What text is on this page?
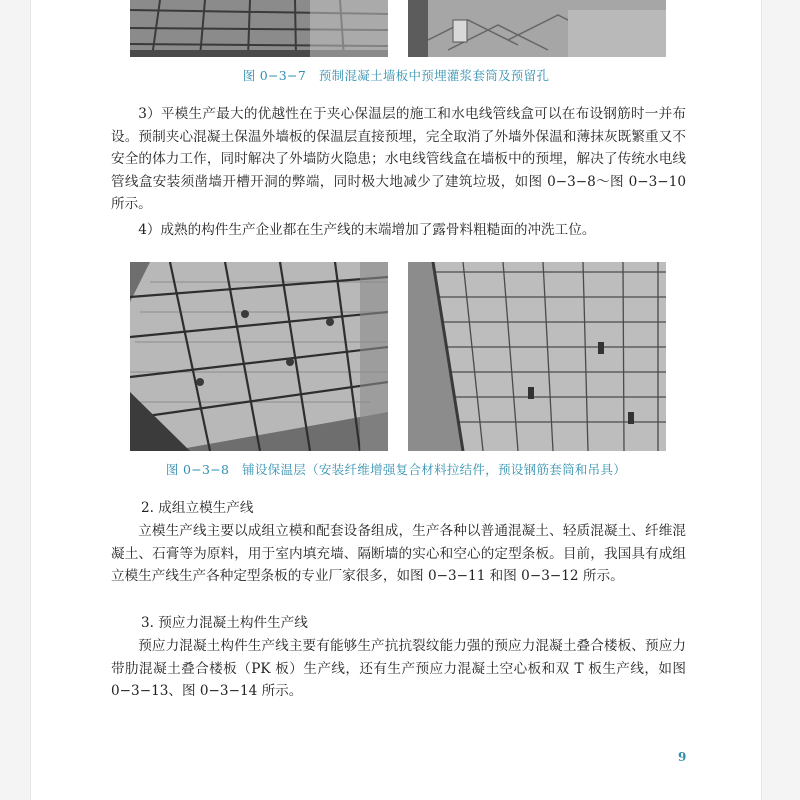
图 0−3−7　预制混凝土墙板中预埋灌浆套筒及预留孔

3）平模生产最大的优越性在于夹心保温层的施工和水电线管线盒可以在布设钢筋时一并布设。预制夹心混凝土保温外墙板的保温层直接预埋，完全取消了外墙外保温和薄抹灰既繁重又不安全的体力工作，同时解决了外墙防火隐患；水电线管线盒在墙板中的预埋，解决了传统水电线管线盒安装须凿墙开槽开洞的弊端，同时极大地减少了建筑垃圾，如图 0−3−8～图 0−3−10 所示。

4）成熟的构件生产企业都在生产线的末端增加了露骨料粗糙面的冲洗工位。

图 0−3−8　铺设保温层（安装纤维增强复合材料拉结件，预设钢筋套筒和吊具）

2. 成组立模生产线

立模生产线主要以成组立模和配套设备组成，生产各种以普通混凝土、轻质混凝土、纤维混凝土、石膏等为原料，用于室内填充墙、隔断墙的实心和空心的定型条板。目前，我国具有成组立模生产线生产各种定型条板的专业厂家很多，如图 0−3−11 和图 0−3−12 所示。

3. 预应力混凝土构件生产线

预应力混凝土构件生产线主要有能够生产抗抗裂纹能力强的预应力混凝土叠合楼板、预应力带肋混凝土叠合楼板（PK 板）生产线，还有生产预应力混凝土空心板和双 T 板生产线，如图 0−3−13、图 0−3−14 所示。

9
